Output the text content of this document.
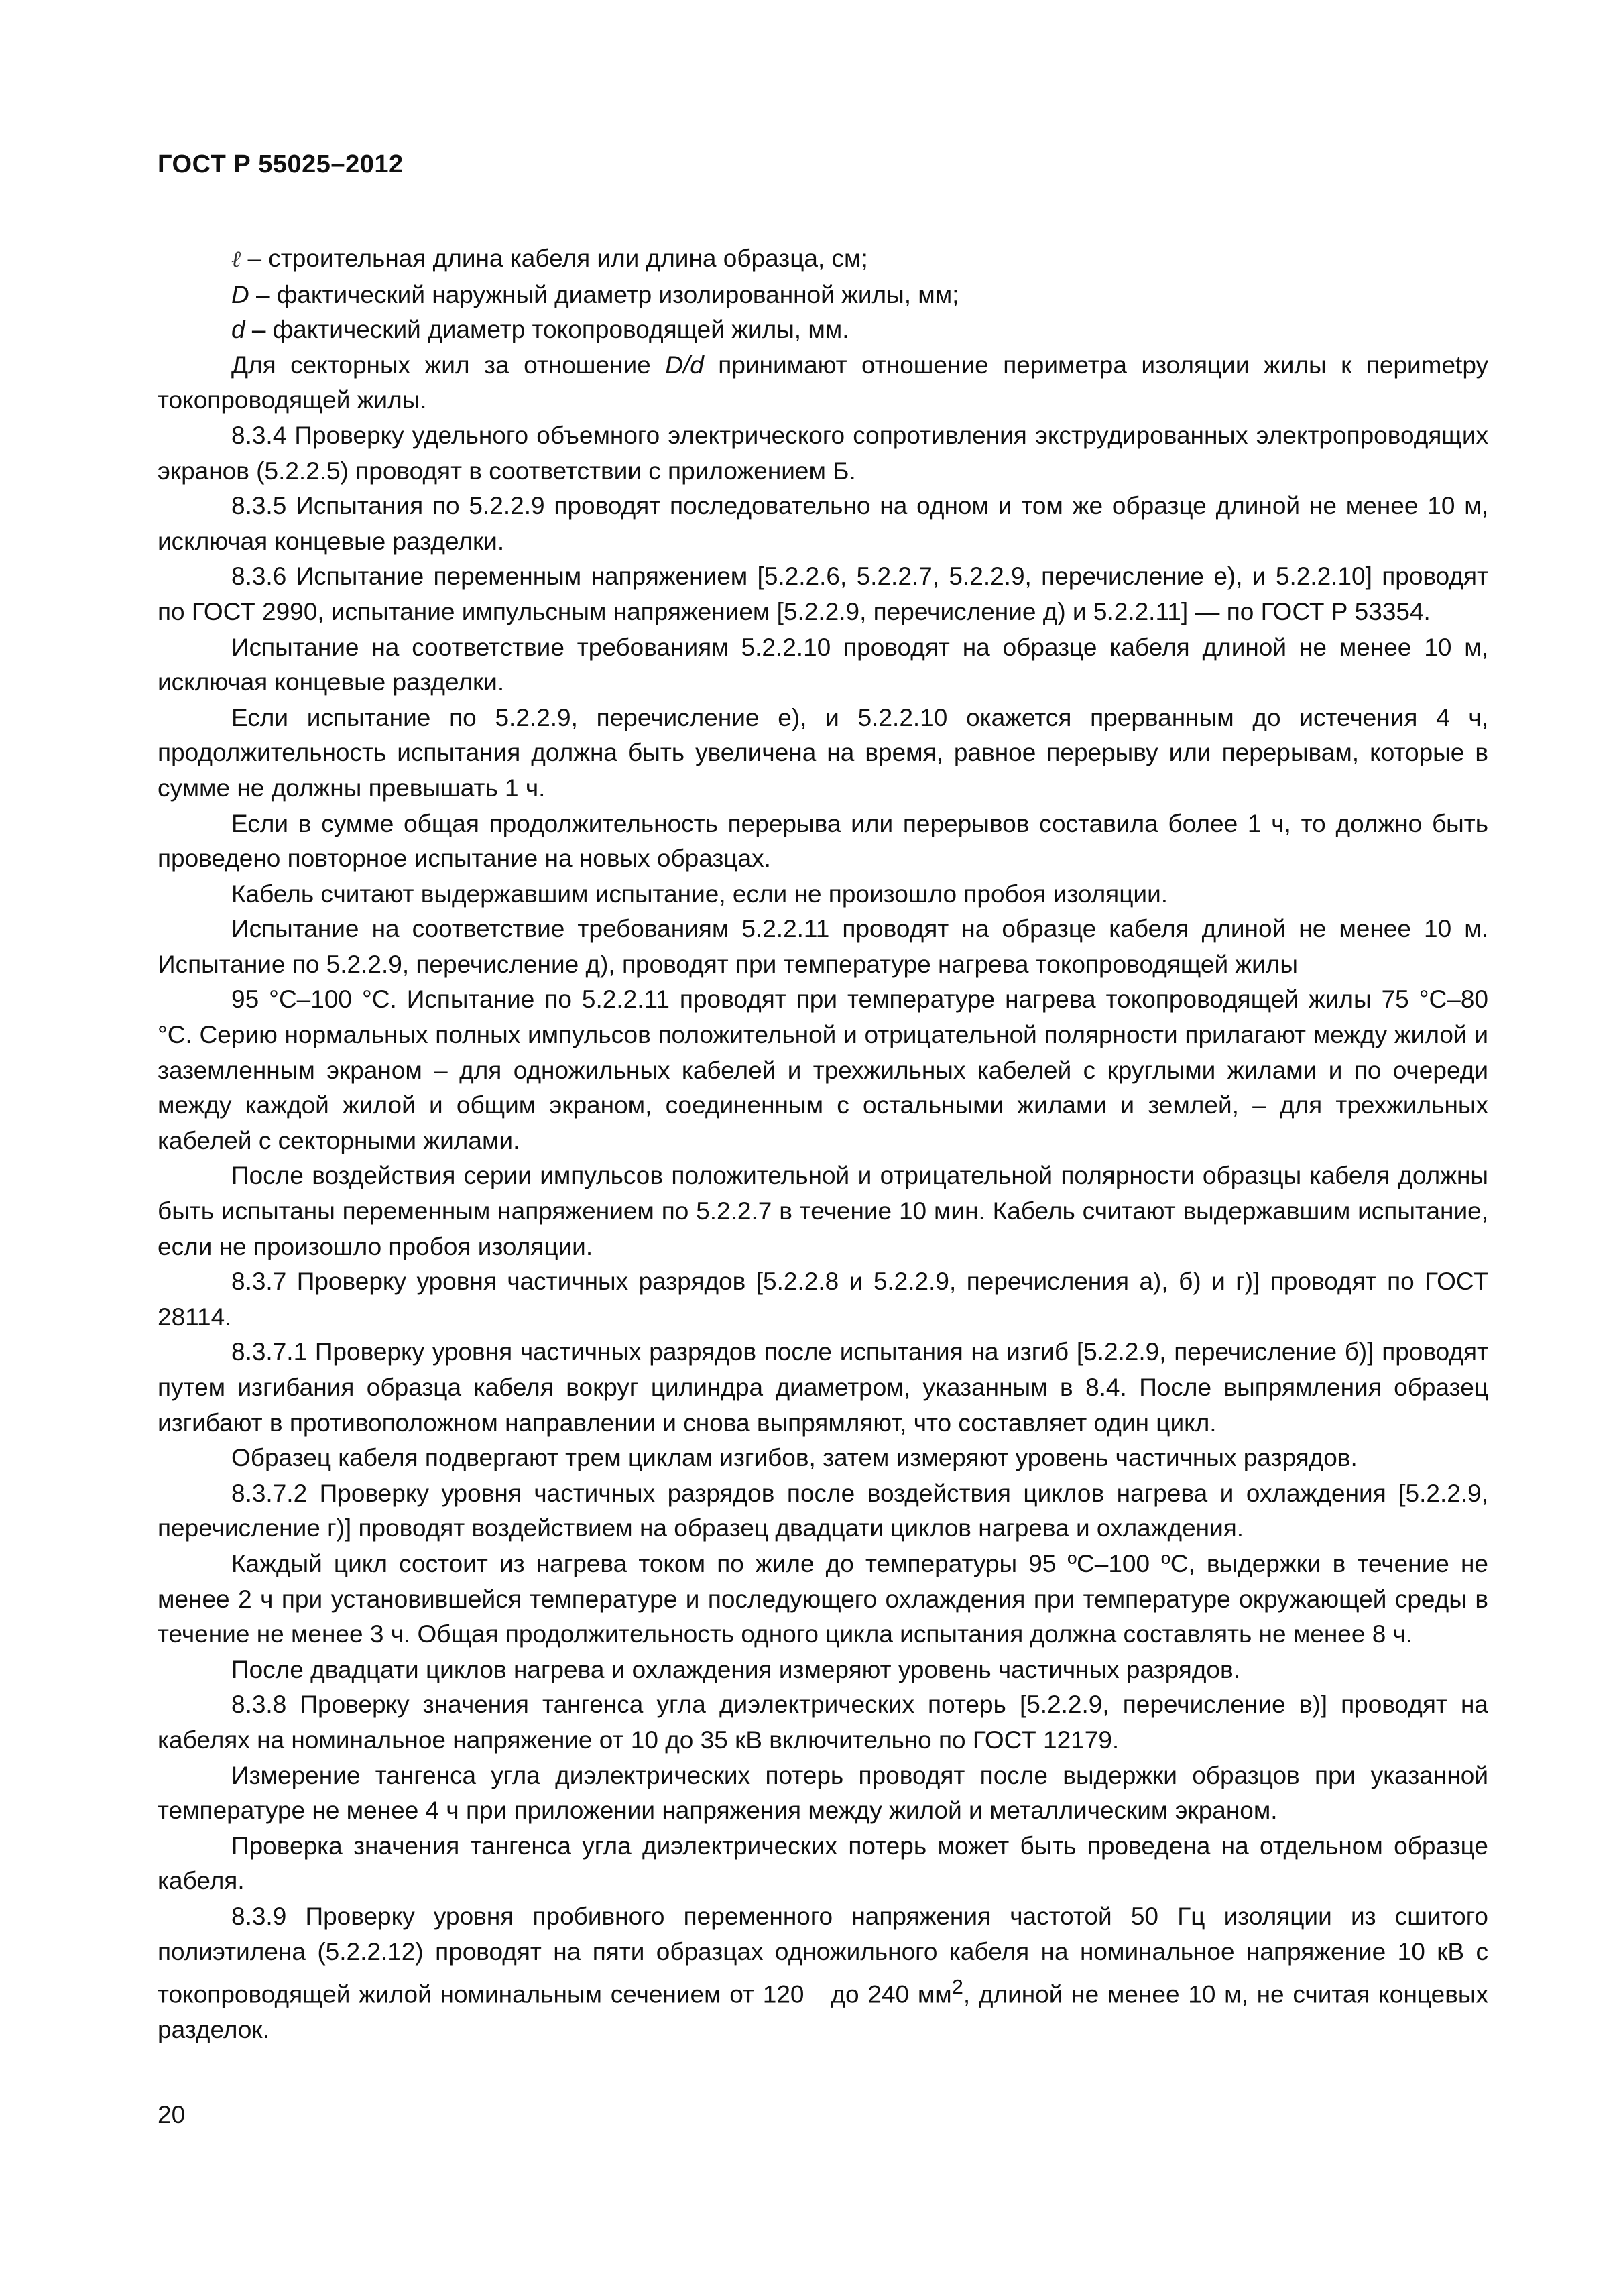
ГОСТ Р 55025–2012

ℓ – строительная длина кабеля или длина образца, см;

D – фактический наружный диаметр изолированной жилы, мм;

d – фактический диаметр токопроводящей жилы, мм.

Для секторных жил за отношение D/d принимают отношение периметра изоляции жилы к периmetру токопроводящей жилы.

8.3.4 Проверку удельного объемного электрического сопротивления экструдированных электропроводящих экранов (5.2.2.5) проводят в соответствии с приложением Б.

8.3.5 Испытания по 5.2.2.9 проводят последовательно на одном и том же образце длиной не менее 10 м, исключая концевые разделки.

8.3.6 Испытание переменным напряжением [5.2.2.6, 5.2.2.7, 5.2.2.9, перечисление е), и 5.2.2.10] проводят по ГОСТ 2990, испытание импульсным напряжением [5.2.2.9, перечисление д) и 5.2.2.11] — по ГОСТ Р 53354.

Испытание на соответствие требованиям 5.2.2.10 проводят на образце кабеля длиной не менее 10 м, исключая концевые разделки.

Если испытание по 5.2.2.9, перечисление е), и 5.2.2.10 окажется прерванным до истечения 4 ч, продолжительность испытания должна быть увеличена на время, равное перерыву или перерывам, которые в сумме не должны превышать 1 ч.

Если в сумме общая продолжительность перерыва или перерывов составила более 1 ч, то должно быть проведено повторное испытание на новых образцах.

Кабель считают выдержавшим испытание, если не произошло пробоя изоляции.

Испытание на соответствие требованиям 5.2.2.11 проводят на образце кабеля длиной не менее 10 м. Испытание по 5.2.2.9, перечисление д), проводят при температуре нагрева токопроводящей жилы

95 °С–100 °С. Испытание по 5.2.2.11 проводят при температуре нагрева токопроводящей жилы 75 °С–80 °С. Серию нормальных полных импульсов положительной и отрицательной полярности прилагают между жилой и заземленным экраном – для одножильных кабелей и трехжильных кабелей с круглыми жилами и по очереди между каждой жилой и общим экраном, соединенным с остальными жилами и землей, – для трехжильных кабелей с секторными жилами.

После воздействия серии импульсов положительной и отрицательной полярности образцы кабеля должны быть испытаны переменным напряжением по 5.2.2.7 в течение 10 мин. Кабель считают выдержавшим испытание, если не произошло пробоя изоляции.

8.3.7 Проверку уровня частичных разрядов [5.2.2.8 и 5.2.2.9, перечисления а), б) и г)] проводят по ГОСТ 28114.

8.3.7.1 Проверку уровня частичных разрядов после испытания на изгиб [5.2.2.9, перечисление б)] проводят путем изгибания образца кабеля вокруг цилиндра диаметром, указанным в 8.4. После выпрямления образец изгибают в противоположном направлении и снова выпрямляют, что составляет один цикл.

Образец кабеля подвергают трем циклам изгибов, затем измеряют уровень частичных разрядов.

8.3.7.2 Проверку уровня частичных разрядов после воздействия циклов нагрева и охлаждения [5.2.2.9, перечисление г)] проводят воздействием на образец двадцати циклов нагрева и охлаждения.

Каждый цикл состоит из нагрева током по жиле до температуры 95 ºС–100 ºС, выдержки в течение не менее 2 ч при установившейся температуре и последующего охлаждения при температуре окружающей среды в течение не менее 3 ч. Общая продолжительность одного цикла испытания должна составлять не менее 8 ч.

После двадцати циклов нагрева и охлаждения измеряют уровень частичных разрядов.

8.3.8 Проверку значения тангенса угла диэлектрических потерь [5.2.2.9, перечисление в)] проводят на кабелях на номинальное напряжение от 10 до 35 кВ включительно по ГОСТ 12179.

Измерение тангенса угла диэлектрических потерь проводят после выдержки образцов при указанной температуре не менее 4 ч при приложении напряжения между жилой и металлическим экраном.

Проверка значения тангенса угла диэлектрических потерь может быть проведена на отдельном образце кабеля.

8.3.9 Проверку уровня пробивного переменного напряжения частотой 50 Гц изоляции из сшитого полиэтилена (5.2.2.12) проводят на пяти образцах одножильного кабеля на номинальное напряжение 10 кВ с токопроводящей жилой номинальным сечением от 120 до 240 $мм^2$, длиной не менее 10 м, не считая концевых разделок.

20
